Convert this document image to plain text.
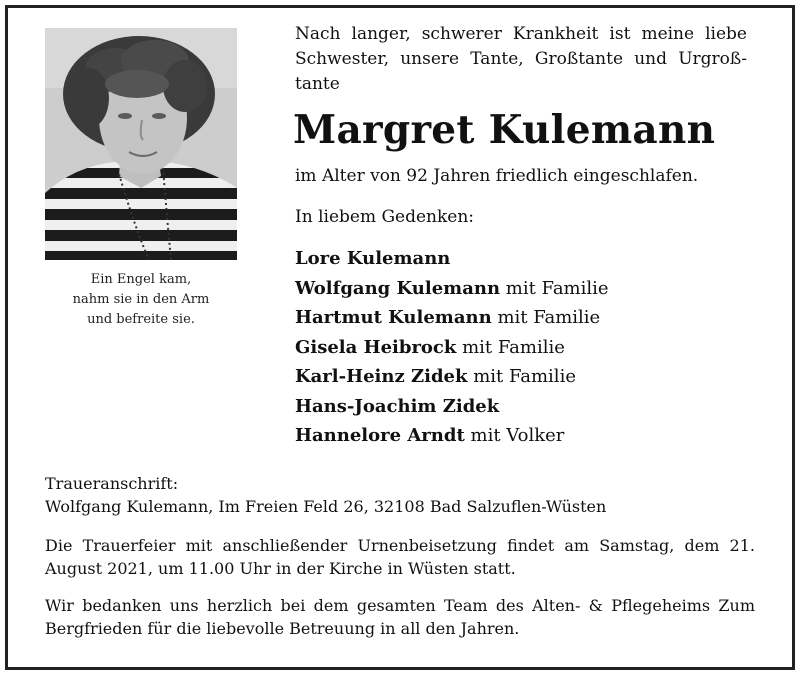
Ein Engel kam,
nahm sie in den Arm
und befreite sie.
Nach langer, schwerer Krankheit ist meine liebe Schwester, unsere Tante, Großtante und Urgroß- tante
Margret Kulemann
im Alter von 92 Jahren friedlich eingeschlafen.
In liebem Gedenken:
Lore Kulemann
Wolfgang Kulemann mit Familie
Hartmut Kulemann mit Familie
Gisela Heibrock mit Familie
Karl-Heinz Zidek mit Familie
Hans-Joachim Zidek
Hannelore Arndt mit Volker
Traueranschrift:
Wolfgang Kulemann, Im Freien Feld 26, 32108 Bad Salzuflen-Wüsten
Die Trauerfeier mit anschließender Urnenbeisetzung findet am Samstag, dem 21. August 2021, um 11.00 Uhr in der Kirche in Wüsten statt.
Wir bedanken uns herzlich bei dem gesamten Team des Alten- & Pflegeheims Zum Bergfrieden für die liebevolle Betreuung in all den Jahren.
